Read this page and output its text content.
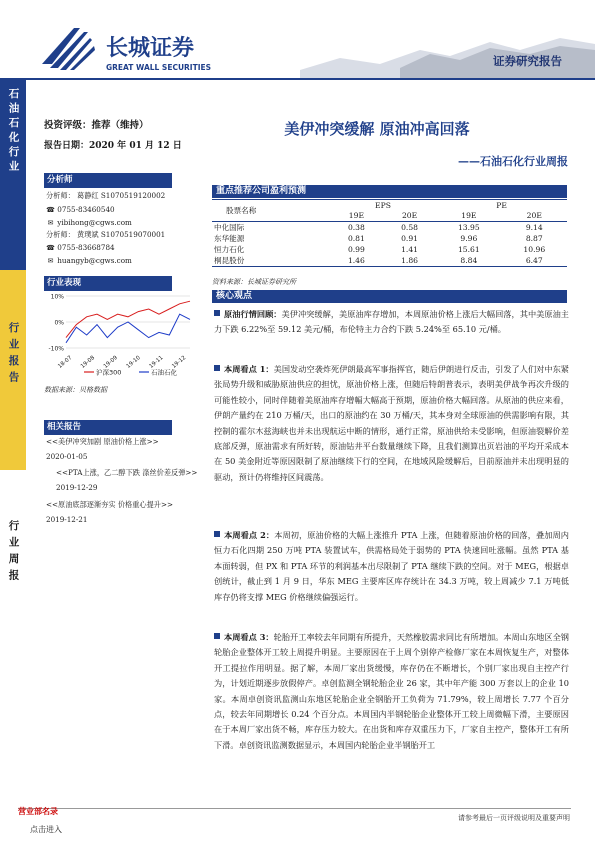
长城证券
GREAT WALL SECURITIES	证券研究报告
石油石化行业
行业报告
行业周报
投资评级：推荐（维持）
报告日期：2020 年 01 月 12 日
美伊冲突缓解 原油冲高回落
——石油石化行业周报
分析师
分析师： 葛静红 S1070519120002
☎ 0755-83460540
✉ yibihong@cgws.com
分析师： 黄璞斌 S1070519070001
☎ 0755-83668784
✉ huangyb@cgws.com
行业表现
10%
0%
-10%
18-07 19-08 19-09 19-10 19-11 19-12
沪深300	石油石化
数据来源：贝格数据
相关报告
<<美伊冲突加剧 原油价格上涨>>
2020-01-05
<<PTA上涨，乙二醇下跌 涤丝价差反弹>>
2019-12-29
<<原油底部逐渐夯实 价格重心提升>>
2019-12-21
重点推荐公司盈利预测
股票名称	EPS		PE	
	19E	20E	19E	20E
中化国际	0.38	0.58	13.95	9.14
东华能源	0.81	0.91	9.96	8.87
恒力石化	0.99	1.41	15.61	10.96
桐昆股份	1.46	1.86	8.84	6.47
资料来源：长城证券研究所
核心观点
原油行情回顾：美伊冲突缓解，美原油库存增加，本周原油价格上涨后大幅回落，其中美原油主力下跌 6.22%至 59.12 美元/桶，布伦特主力合约下跌 5.24%至 65.10 元/桶。
本周看点 1：美国发动空袭炸死伊朗最高军事指挥官，随后伊朗进行反击，引发了人们对中东紧张局势升级和威胁原油供应的担忧，原油价格上涨，但随后特朗普表示，表明美伊战争再次升级的可能性较小，同时伴随着美原油库存增幅大幅高于预期，原油价格大幅回落。从原油的供应来看，伊朗产量约在 210 万桶/天，出口的原油约在 30 万桶/天，其本身对全球原油的供需影响有限，其控制的霍尔木兹海峡也并未出现航运中断的情形，通行正常，原油供给未受影响，但原油裂解价差底部反弹，原油需求有所好转，原油钻井平台数量继续下降，且我们测算出页岩油的平均开采成本在 50 美金附近等原因限制了原油继续下行的空间，在地域风险缓解后，目前原油并未出现明显的驱动，预计仍将维持区间震荡。
本周看点 2：本周初，原油价格的大幅上涨推升 PTA 上涨，但随着原油价格的回落，叠加周内恒力石化四期 250 万吨 PTA 装置试车，供需格局处于弱势的 PTA 快速回吐涨幅。虽然 PTA 基本面转弱，但 PX 和 PTA 环节的利润基本出尽限制了 PTA 继续下跌的空间。对于 MEG，根据卓创统计，截止到 1 月 9 日，华东 MEG 主要库区库存统计在 34.3 万吨，较上周减少 7.1 万吨低库存仍将支撑 MEG 价格继续偏强运行。
本周看点 3：轮胎开工率较去年同期有所提升，天然橡胶需求同比有所增加。本周山东地区全钢轮胎企业整体开工较上周提升明显。主要原因在于上周个别停产检修厂家在本周恢复生产，对整体开工提拉作用明显。据了解，本周厂家出货缓慢，库存仍在不断增长，个别厂家出现自主控产行为，计划近期逐步放假停产。卓创监测全钢轮胎企业 26 家，其中年产能 300 万套以上的企业 10 家。本周卓创资讯监测山东地区轮胎企业全钢胎开工负荷为 71.79%，较上周增长 7.77 个百分点，较去年同期增长 0.24 个百分点。本周国内半钢轮胎企业整体开工较上周微幅下滑，主要原因在于本周厂家出货不畅，库存压力较大。在出货和库存双重压力下，厂家自主控产，整体开工有所下滑。卓创资讯监测数据显示，本周国内轮胎企业半钢胎开工
营业部名录
点击进入
请参考最后一页评级说明及重要声明
